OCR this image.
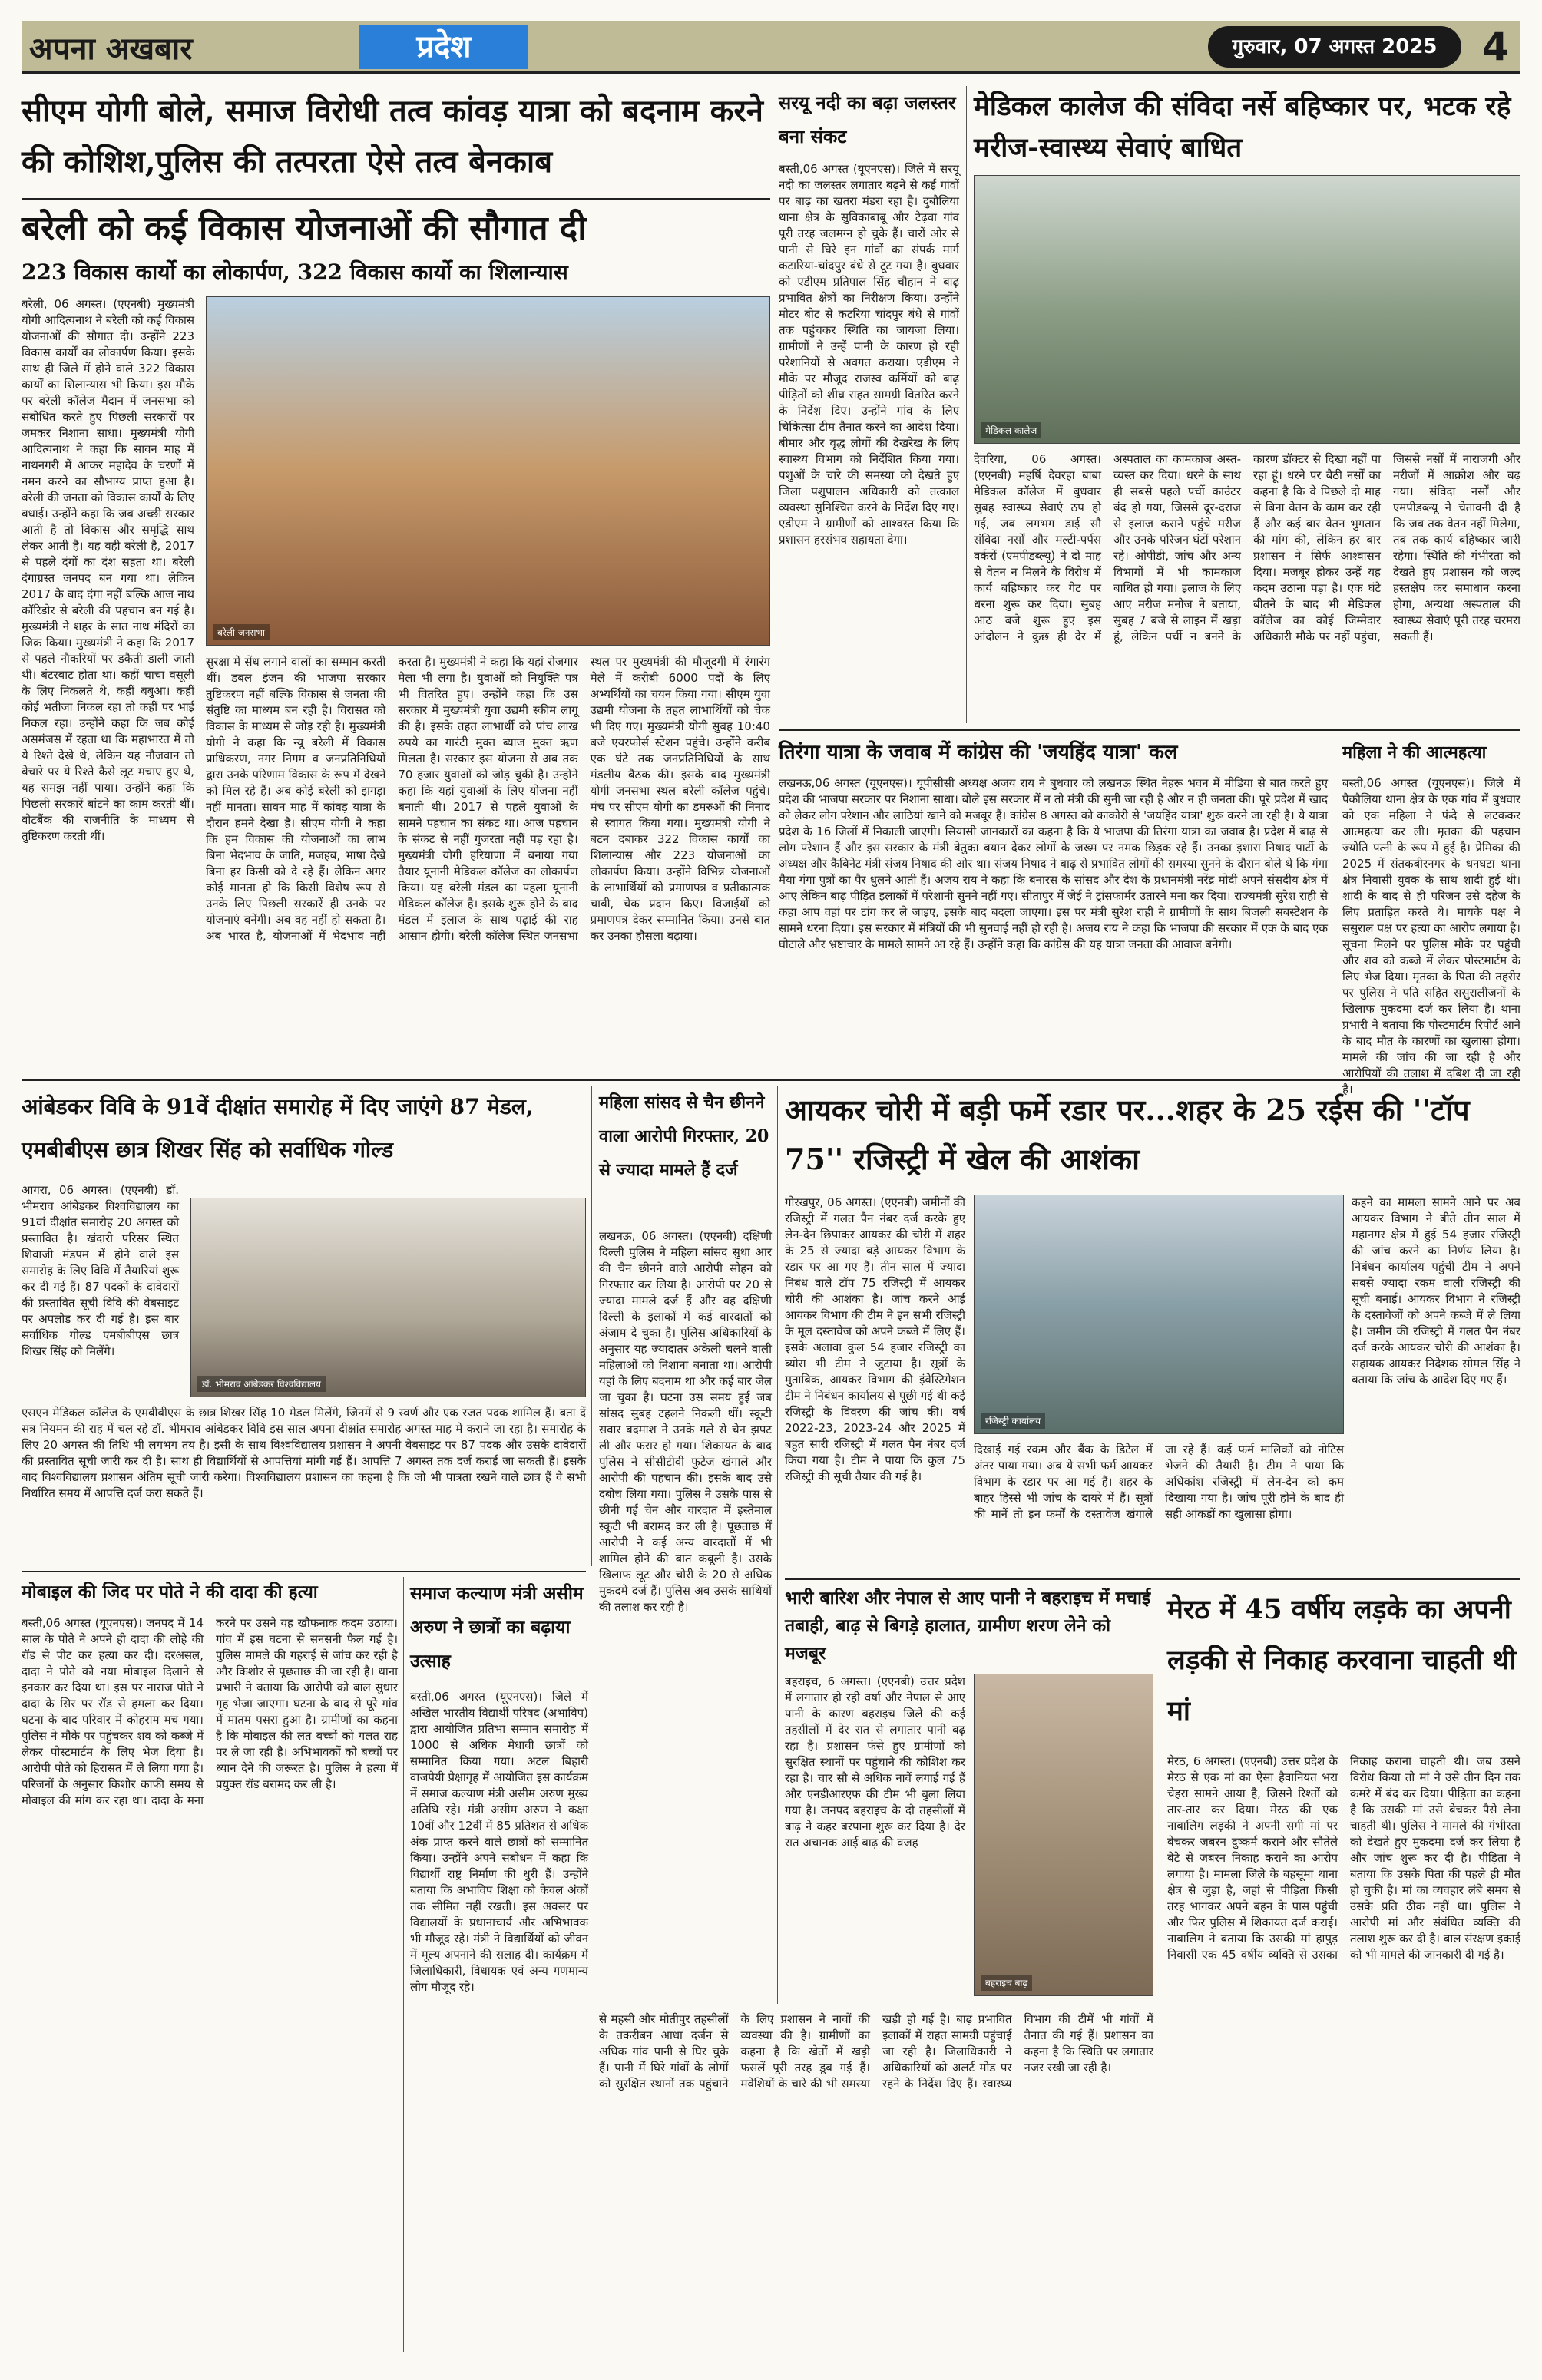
अपना अखबार	प्रदेश	गुरुवार, 07 अगस्त 2025	4
सीएम योगी बोले, समाज विरोधी तत्व कांवड़ यात्रा को बदनाम करने की कोशिश,पुलिस की तत्परता ऐसे तत्व बेनकाब
बरेली को कई विकास योजनाओं की सौगात दी
223 विकास कार्यो का लोकार्पण, 322 विकास कार्यो का शिलान्यास
बरेली, 06 अगस्त। (एएनबी) मुख्यमंत्री योगी आदित्यनाथ ने बरेली को कई विकास योजनाओं की सौगात दी। उन्होंने 223 विकास कार्यों का लोकार्पण किया। इसके साथ ही जिले में होने वाले 322 विकास कार्यों का शिलान्यास भी किया। इस मौके पर बरेली कॉलेज मैदान में जनसभा को संबोधित करते हुए पिछली सरकारों पर जमकर निशाना साधा। मुख्यमंत्री योगी आदित्यनाथ ने कहा कि सावन माह में नाथनगरी में आकर महादेव के चरणों में नमन करने का सौभाग्य प्राप्त हुआ है। बरेली की जनता को विकास कार्यों के लिए बधाई। उन्होंने कहा कि जब अच्छी सरकार आती है तो विकास और समृद्धि साथ लेकर आती है। यह वही बरेली है, 2017 से पहले दंगों का दंश सहता था। बरेली दंगाग्रस्त जनपद बन गया था। लेकिन 2017 के बाद दंगा नहीं बल्कि आज नाथ कॉरिडोर से बरेली की पहचान बन गई है। मुख्यमंत्री ने शहर के सात नाथ मंदिरों का जिक्र किया। मुख्यमंत्री ने कहा कि 2017 से पहले नौकरियों पर डकैती डाली जाती थी। बंटरबाट होता था। कहीं चाचा वसूली के लिए निकलते थे, कहीं बबुआ। कहीं कोई भतीजा निकल रहा तो कहीं पर भाई निकल रहा। उन्होंने कहा कि जब कोई असमंजस में रहता था कि महाभारत में तो ये रिश्ते देखे थे, लेकिन यह नौजवान तो बेचारे पर ये रिश्ते कैसे लूट मचाए हुए थे, यह समझ नहीं पाया। उन्होंने कहा कि पिछली सरकारें बांटने का काम करती थीं। वोटबैंक की राजनीति के माध्यम से तुष्टिकरण करती थीं।
बरेली जनसभा
सुरक्षा में सेंध लगाने वालों का सम्मान करती थीं। डबल इंजन की भाजपा सरकार तुष्टिकरण नहीं बल्कि विकास से जनता की संतुष्टि का माध्यम बन रही है। विरासत को विकास के माध्यम से जोड़ रही है। मुख्यमंत्री योगी ने कहा कि न्यू बरेली में विकास प्राधिकरण, नगर निगम व जनप्रतिनिधियों द्वारा उनके परिणाम विकास के रूप में देखने को मिल रहे हैं। अब कोई बरेली को झगड़ा नहीं मानता। सावन माह में कांवड़ यात्रा के दौरान हमने देखा है। सीएम योगी ने कहा कि हम विकास की योजनाओं का लाभ बिना भेदभाव के जाति, मजहब, भाषा देखे बिना हर किसी को दे रहे हैं। लेकिन अगर कोई मानता हो कि किसी विशेष रूप से उनके लिए पिछली सरकारें ही उनके पर योजनाएं बनेंगी। अब वह नहीं हो सकता है। अब भारत है, योजनाओं में भेदभाव नहीं करता है। मुख्यमंत्री ने कहा कि यहां रोजगार मेला भी लगा है। युवाओं को नियुक्ति पत्र भी वितरित हुए। उन्होंने कहा कि उस सरकार में मुख्यमंत्री युवा उद्यमी स्कीम लागू की है। इसके तहत लाभार्थी को पांच लाख रुपये का गारंटी मुक्त ब्याज मुक्त ऋण मिलता है। सरकार इस योजना से अब तक 70 हजार युवाओं को जोड़ चुकी है। उन्होंने कहा कि यहां युवाओं के लिए योजना नहीं बनाती थी। 2017 से पहले युवाओं के सामने पहचान का संकट था। आज पहचान के संकट से नहीं गुजरता नहीं पड़ रहा है। मुख्यमंत्री योगी हरियाणा में बनाया गया तैयार यूनानी मेडिकल कॉलेज का लोकार्पण किया। यह बरेली मंडल का पहला यूनानी मेडिकल कॉलेज है। इसके शुरू होने के बाद मंडल में इलाज के साथ पढ़ाई की राह आसान होगी। बरेली कॉलेज स्थित जनसभा स्थल पर मुख्यमंत्री की मौजूदगी में रंगारंग मेले में करीबी 6000 पदों के लिए अभ्यर्थियों का चयन किया गया। सीएम युवा उद्यमी योजना के तहत लाभार्थियों को चेक भी दिए गए। मुख्यमंत्री योगी सुबह 10:40 बजे एयरफोर्स स्टेशन पहुंचे। उन्होंने करीब एक घंटे तक जनप्रतिनिधियों के साथ मंडलीय बैठक की। इसके बाद मुख्यमंत्री योगी जनसभा स्थल बरेली कॉलेज पहुंचे। मंच पर सीएम योगी का डमरुओं की निनाद से स्वागत किया गया। मुख्यमंत्री योगी ने बटन दबाकर 322 विकास कार्यों का शिलान्यास और 223 योजनाओं का लोकार्पण किया। उन्होंने विभिन्न योजनाओं के लाभार्थियों को प्रमाणपत्र व प्रतीकात्मक चाबी, चेक प्रदान किए। विजाईयों को प्रमाणपत्र देकर सम्मानित किया। उनसे बात कर उनका हौसला बढ़ाया।
सरयू नदी का बढ़ा जलस्तर बना संकट
बस्ती,06 अगस्त (यूएनएस)। जिले में सरयू नदी का जलस्तर लगातार बढ़ने से कई गांवों पर बाढ़ का खतरा मंडरा रहा है। दुबौलिया थाना क्षेत्र के सुविकाबाबू और टेढ़वा गांव पूरी तरह जलमग्न हो चुके हैं। चारों ओर से पानी से घिरे इन गांवों का संपर्क मार्ग कटारिया-चांदपुर बंधे से टूट गया है। बुधवार को एडीएम प्रतिपाल सिंह चौहान ने बाढ़ प्रभावित क्षेत्रों का निरीक्षण किया। उन्होंने मोटर बोट से कटरिया चांदपुर बंधे से गांवों तक पहुंचकर स्थिति का जायजा लिया। ग्रामीणों ने उन्हें पानी के कारण हो रही परेशानियों से अवगत कराया। एडीएम ने मौके पर मौजूद राजस्व कर्मियों को बाढ़ पीड़ितों को शीघ्र राहत सामग्री वितरित करने के निर्देश दिए। उन्होंने गांव के लिए चिकित्सा टीम तैनात करने का आदेश दिया। बीमार और वृद्ध लोगों की देखरेख के लिए स्वास्थ्य विभाग को निर्देशित किया गया। पशुओं के चारे की समस्या को देखते हुए जिला पशुपालन अधिकारी को तत्काल व्यवस्था सुनिश्चित करने के निर्देश दिए गए। एडीएम ने ग्रामीणों को आश्वस्त किया कि प्रशासन हरसंभव सहायता देगा।
मेडिकल कालेज की संविदा नर्से बहिष्कार पर, भटक रहे मरीज-स्वास्थ्य सेवाएं बाधित
मेडिकल कालेज
देवरिया, 06 अगस्त। (एएनबी) महर्षि देवरहा बाबा मेडिकल कॉलेज में बुधवार सुबह स्वास्थ्य सेवाएं ठप हो गईं, जब लगभग डाई सौ संविदा नर्सों और मल्टी-पर्पस वर्करों (एमपीडब्ल्यू) ने दो माह से वेतन न मिलने के विरोध में कार्य बहिष्कार कर गेट पर धरना शुरू कर दिया। सुबह आठ बजे शुरू हुए इस आंदोलन ने कुछ ही देर में अस्पताल का कामकाज अस्त-व्यस्त कर दिया। धरने के साथ ही सबसे पहले पर्ची काउंटर बंद हो गया, जिससे दूर-दराज से इलाज कराने पहुंचे मरीज और उनके परिजन घंटों परेशान रहे। ओपीडी, जांच और अन्य विभागों में भी कामकाज बाधित हो गया। इलाज के लिए आए मरीज मनोज ने बताया, सुबह 7 बजे से लाइन में खड़ा हूं, लेकिन पर्ची न बनने के कारण डॉक्टर से दिखा नहीं पा रहा हूं। धरने पर बैठी नर्सों का कहना है कि वे पिछले दो माह से बिना वेतन के काम कर रही हैं और कई बार वेतन भुगतान की मांग की, लेकिन हर बार प्रशासन ने सिर्फ आश्वासन दिया। मजबूर होकर उन्हें यह कदम उठाना पड़ा है। एक घंटे बीतने के बाद भी मेडिकल कॉलेज का कोई जिम्मेदार अधिकारी मौके पर नहीं पहुंचा, जिससे नर्सों में नाराजगी और मरीजों में आक्रोश और बढ़ गया। संविदा नर्सों और एमपीडब्ल्यू ने चेतावनी दी है कि जब तक वेतन नहीं मिलेगा, तब तक कार्य बहिष्कार जारी रहेगा। स्थिति की गंभीरता को देखते हुए प्रशासन को जल्द हस्तक्षेप कर समाधान करना होगा, अन्यथा अस्पताल की स्वास्थ्य सेवाएं पूरी तरह चरमरा सकती हैं।
तिरंगा यात्रा के जवाब में कांग्रेस की 'जयहिंद यात्रा' कल
लखनऊ,06 अगस्त (यूएनएस)। यूपीसीसी अध्यक्ष अजय राय ने बुधवार को लखनऊ स्थित नेहरू भवन में मीडिया से बात करते हुए प्रदेश की भाजपा सरकार पर निशाना साधा। बोले इस सरकार में न तो मंत्री की सुनी जा रही है और न ही जनता की। पूरे प्रदेश में खाद को लेकर लोग परेशान और लाठियां खाने को मजबूर हैं। कांग्रेस 8 अगस्त को काकोरी से 'जयहिंद यात्रा' शुरू करने जा रही है। ये यात्रा प्रदेश के 16 जिलों में निकाली जाएगी। सियासी जानकारों का कहना है कि ये भाजपा की तिरंगा यात्रा का जवाब है। प्रदेश में बाढ़ से लोग परेशान हैं और इस सरकार के मंत्री बेतुका बयान देकर लोगों के जख्म पर नमक छिड़क रहे हैं। उनका इशारा निषाद पार्टी के अध्यक्ष और कैबिनेट मंत्री संजय निषाद की ओर था। संजय निषाद ने बाढ़ से प्रभावित लोगों की समस्या सुनने के दौरान बोले थे कि गंगा मैया गंगा पुत्रों का पैर धुलने आती हैं। अजय राय ने कहा कि बनारस के सांसद और देश के प्रधानमंत्री नरेंद्र मोदी अपने संसदीय क्षेत्र में आए लेकिन बाढ़ पीड़ित इलाकों में परेशानी सुनने नहीं गए। सीतापुर में जेई ने ट्रांसफार्मर उतारने मना कर दिया। राज्यमंत्री सुरेश राही से कहा आप वहां पर टांग कर ले जाइए, इसके बाद बदला जाएगा। इस पर मंत्री सुरेश राही ने ग्रामीणों के साथ बिजली सबस्टेशन के सामने धरना दिया। इस सरकार में मंत्रियों की भी सुनवाई नहीं हो रही है। अजय राय ने कहा कि भाजपा की सरकार में एक के बाद एक घोटाले और भ्रष्टाचार के मामले सामने आ रहे हैं। उन्होंने कहा कि कांग्रेस की यह यात्रा जनता की आवाज बनेगी।
महिला ने की आत्महत्या
बस्ती,06 अगस्त (यूएनएस)। जिले में पैकौलिया थाना क्षेत्र के एक गांव में बुधवार को एक महिला ने फंदे से लटककर आत्महत्या कर ली। मृतका की पहचान ज्योति पत्नी के रूप में हुई है। प्रेमिका की 2025 में संतकबीरनगर के धनघटा थाना क्षेत्र निवासी युवक के साथ शादी हुई थी। शादी के बाद से ही परिजन उसे दहेज के लिए प्रताड़ित करते थे। मायके पक्ष ने ससुराल पक्ष पर हत्या का आरोप लगाया है। सूचना मिलने पर पुलिस मौके पर पहुंची और शव को कब्जे में लेकर पोस्टमार्टम के लिए भेज दिया। मृतका के पिता की तहरीर पर पुलिस ने पति सहित ससुरालीजनों के खिलाफ मुकदमा दर्ज कर लिया है। थाना प्रभारी ने बताया कि पोस्टमार्टम रिपोर्ट आने के बाद मौत के कारणों का खुलासा होगा। मामले की जांच की जा रही है और आरोपियों की तलाश में दबिश दी जा रही है।
आंबेडकर विवि के 91वें दीक्षांत समारोह में दिए जाएंगे 87 मेडल, एमबीबीएस छात्र शिखर सिंह को सर्वाधिक गोल्ड
आगरा, 06 अगस्त। (एएनबी) डॉ. भीमराव आंबेडकर विश्वविद्यालय का 91वां दीक्षांत समारोह 20 अगस्त को प्रस्तावित है। खंदारी परिसर स्थित शिवाजी मंडपम में होने वाले इस समारोह के लिए विवि में तैयारियां शुरू कर दी गई हैं। 87 पदकों के दावेदारों की प्रस्तावित सूची विवि की वेबसाइट पर अपलोड कर दी गई है। इस बार सर्वाधिक गोल्ड एमबीबीएस छात्र शिखर सिंह को मिलेंगे।
डॉ. भीमराव आंबेडकर विश्वविद्यालय
एसएन मेडिकल कॉलेज के एमबीबीएस के छात्र शिखर सिंह 10 मेडल मिलेंगे, जिनमें से 9 स्वर्ण और एक रजत पदक शामिल हैं। बता दें सत्र नियमन की राह में चल रहे डॉ. भीमराव आंबेडकर विवि इस साल अपना दीक्षांत समारोह अगस्त माह में कराने जा रहा है। समारोह के लिए 20 अगस्त की तिथि भी लगभग तय है। इसी के साथ विश्वविद्यालय प्रशासन ने अपनी वेबसाइट पर 87 पदक और उसके दावेदारों की प्रस्तावित सूची जारी कर दी है। साथ ही विद्यार्थियों से आपत्तियां मांगी गई हैं। आपत्ति 7 अगस्त तक दर्ज कराई जा सकती हैं। इसके बाद विश्वविद्यालय प्रशासन अंतिम सूची जारी करेगा। विश्वविद्यालय प्रशासन का कहना है कि जो भी पात्रता रखने वाले छात्र हैं वे सभी निर्धारित समय में आपत्ति दर्ज करा सकते हैं।
महिला सांसद से चैन छीनने वाला आरोपी गिरफ्तार, 20 से ज्यादा मामले हैं दर्ज
लखनऊ, 06 अगस्त। (एएनबी) दक्षिणी दिल्ली पुलिस ने महिला सांसद सुधा आर की चैन छीनने वाले आरोपी सोहन को गिरफ्तार कर लिया है। आरोपी पर 20 से ज्यादा मामले दर्ज हैं और वह दक्षिणी दिल्ली के इलाकों में कई वारदातों को अंजाम दे चुका है। पुलिस अधिकारियों के अनुसार यह ज्यादातर अकेली चलने वाली महिलाओं को निशाना बनाता था। आरोपी यहां के लिए बदनाम था और कई बार जेल जा चुका है। घटना उस समय हुई जब सांसद सुबह टहलने निकली थीं। स्कूटी सवार बदमाश ने उनके गले से चेन झपट ली और फरार हो गया। शिकायत के बाद पुलिस ने सीसीटीवी फुटेज खंगाले और आरोपी की पहचान की। इसके बाद उसे दबोच लिया गया। पुलिस ने उसके पास से छीनी गई चेन और वारदात में इस्तेमाल स्कूटी भी बरामद कर ली है। पूछताछ में आरोपी ने कई अन्य वारदातों में भी शामिल होने की बात कबूली है। उसके खिलाफ लूट और चोरी के 20 से अधिक मुकदमे दर्ज हैं। पुलिस अब उसके साथियों की तलाश कर रही है।
आयकर चोरी में बड़ी फर्मे रडार पर...शहर के 25 रईस की ''टॉप 75'' रजिस्ट्री में खेल की आशंका
गोरखपुर, 06 अगस्त। (एएनबी) जमीनों की रजिस्ट्री में गलत पैन नंबर दर्ज करके हुए लेन-देन छिपाकर आयकर की चोरी में शहर के 25 से ज्यादा बड़े आयकर विभाग के रडार पर आ गए हैं। तीन साल में ज्यादा निबंध वाले टॉप 75 रजिस्ट्री में आयकर चोरी की आशंका है। जांच करने आई आयकर विभाग की टीम ने इन सभी रजिस्ट्री के मूल दस्तावेज को अपने कब्जे में लिए हैं। इसके अलावा कुल 54 हजार रजिस्ट्री का ब्योरा भी टीम ने जुटाया है। सूत्रों के मुताबिक, आयकर विभाग की इंवेस्टिगेशन टीम ने निबंधन कार्यालय से पूछी गई थी कई रजिस्ट्री के विवरण की जांच की। वर्ष 2022-23, 2023-24 और 2025 में बहुत सारी रजिस्ट्री में गलत पैन नंबर दर्ज किया गया है। टीम ने पाया कि कुल 75 रजिस्ट्री की सूची तैयार की गई है।
रजिस्ट्री कार्यालय
दिखाई गई रकम और बैंक के डिटेल में अंतर पाया गया। अब ये सभी फर्म आयकर विभाग के रडार पर आ गई हैं। शहर के बाहर हिस्से भी जांच के दायरे में हैं। सूत्रों की मानें तो इन फर्मों के दस्तावेज खंगाले जा रहे हैं। कई फर्म मालिकों को नोटिस भेजने की तैयारी है। टीम ने पाया कि अधिकांश रजिस्ट्री में लेन-देन को कम दिखाया गया है। जांच पूरी होने के बाद ही सही आंकड़ों का खुलासा होगा।
कहने का मामला सामने आने पर अब आयकर विभाग ने बीते तीन साल में महानगर क्षेत्र में हुई 54 हजार रजिस्ट्री की जांच करने का निर्णय लिया है। निबंधन कार्यालय पहुंची टीम ने अपने सबसे ज्यादा रकम वाली रजिस्ट्री की सूची बनाई। आयकर विभाग ने रजिस्ट्री के दस्तावेजों को अपने कब्जे में ले लिया है। जमीन की रजिस्ट्री में गलत पैन नंबर दर्ज करके आयकर चोरी की आशंका है। सहायक आयकर निदेशक सोमल सिंह ने बताया कि जांच के आदेश दिए गए हैं।
मोबाइल की जिद पर पोते ने की दादा की हत्या
बस्ती,06 अगस्त (यूएनएस)। जनपद में 14 साल के पोते ने अपने ही दादा की लोहे की रॉड से पीट कर हत्या कर दी। दरअसल, दादा ने पोते को नया मोबाइल दिलाने से इनकार कर दिया था। इस पर नाराज पोते ने दादा के सिर पर रॉड से हमला कर दिया। घटना के बाद परिवार में कोहराम मच गया। पुलिस ने मौके पर पहुंचकर शव को कब्जे में लेकर पोस्टमार्टम के लिए भेज दिया है। आरोपी पोते को हिरासत में ले लिया गया है। परिजनों के अनुसार किशोर काफी समय से मोबाइल की मांग कर रहा था। दादा के मना करने पर उसने यह खौफनाक कदम उठाया। गांव में इस घटना से सनसनी फैल गई है। पुलिस मामले की गहराई से जांच कर रही है और किशोर से पूछताछ की जा रही है। थाना प्रभारी ने बताया कि आरोपी को बाल सुधार गृह भेजा जाएगा। घटना के बाद से पूरे गांव में मातम पसरा हुआ है। ग्रामीणों का कहना है कि मोबाइल की लत बच्चों को गलत राह पर ले जा रही है। अभिभावकों को बच्चों पर ध्यान देने की जरूरत है। पुलिस ने हत्या में प्रयुक्त रॉड बरामद कर ली है।
समाज कल्याण मंत्री असीम अरुण ने छात्रों का बढ़ाया उत्साह
बस्ती,06 अगस्त (यूएनएस)। जिले में अखिल भारतीय विद्यार्थी परिषद (अभाविप) द्वारा आयोजित प्रतिभा सम्मान समारोह में 1000 से अधिक मेधावी छात्रों को सम्मानित किया गया। अटल बिहारी वाजपेयी प्रेक्षागृह में आयोजित इस कार्यक्रम में समाज कल्याण मंत्री असीम अरुण मुख्य अतिथि रहे। मंत्री असीम अरुण ने कक्षा 10वीं और 12वीं में 85 प्रतिशत से अधिक अंक प्राप्त करने वाले छात्रों को सम्मानित किया। उन्होंने अपने संबोधन में कहा कि विद्यार्थी राष्ट्र निर्माण की धुरी हैं। उन्होंने बताया कि अभाविप शिक्षा को केवल अंकों तक सीमित नहीं रखती। इस अवसर पर विद्यालयों के प्रधानाचार्य और अभिभावक भी मौजूद रहे। मंत्री ने विद्यार्थियों को जीवन में मूल्य अपनाने की सलाह दी। कार्यक्रम में जिलाधिकारी, विधायक एवं अन्य गणमान्य लोग मौजूद रहे।
भारी बारिश और नेपाल से आए पानी ने बहराइच में मचाई तबाही, बाढ़ से बिगड़े हालात, ग्रामीण शरण लेने को मजबूर
बहराइच, 6 अगस्त। (एएनबी) उत्तर प्रदेश में लगातार हो रही वर्षा और नेपाल से आए पानी के कारण बहराइच जिले की कई तहसीलों में देर रात से लगातार पानी बढ़ रहा है। प्रशासन फंसे हुए ग्रामीणों को सुरक्षित स्थानों पर पहुंचाने की कोशिश कर रहा है। चार सौ से अधिक नावें लगाई गई हैं और एनडीआरएफ की टीम भी बुला लिया गया है। जनपद बहराइच के दो तहसीलों में बाढ़ ने कहर बरपाना शुरू कर दिया है। देर रात अचानक आई बाढ़ की वजह
बहराइच बाढ़
से महसी और मोतीपुर तहसीलों के तकरीबन आधा दर्जन से अधिक गांव पानी से घिर चुके हैं। पानी में घिरे गांवों के लोगों को सुरक्षित स्थानों तक पहुंचाने के लिए प्रशासन ने नावों की व्यवस्था की है। ग्रामीणों का कहना है कि खेतों में खड़ी फसलें पूरी तरह डूब गई हैं। मवेशियों के चारे की भी समस्या खड़ी हो गई है। बाढ़ प्रभावित इलाकों में राहत सामग्री पहुंचाई जा रही है। जिलाधिकारी ने अधिकारियों को अलर्ट मोड पर रहने के निर्देश दिए हैं। स्वास्थ्य विभाग की टीमें भी गांवों में तैनात की गई हैं। प्रशासन का कहना है कि स्थिति पर लगातार नजर रखी जा रही है।
मेरठ में 45 वर्षीय लड़के का अपनी लड़की से निकाह करवाना चाहती थी मां
मेरठ, 6 अगस्त। (एएनबी) उत्तर प्रदेश के मेरठ से एक मां का ऐसा हैवानियत भरा चेहरा सामने आया है, जिसने रिश्तों को तार-तार कर दिया। मेरठ की एक नाबालिग लड़की ने अपनी सगी मां पर बेचकर जबरन दुष्कर्म कराने और सौतेले बेटे से जबरन निकाह कराने का आरोप लगाया है। मामला जिले के बहसूमा थाना क्षेत्र से जुड़ा है, जहां से पीड़िता किसी तरह भागकर अपने बहन के पास पहुंची और फिर पुलिस में शिकायत दर्ज कराई। नाबालिग ने बताया कि उसकी मां हापुड़ निवासी एक 45 वर्षीय व्यक्ति से उसका निकाह कराना चाहती थी। जब उसने विरोध किया तो मां ने उसे तीन दिन तक कमरे में बंद कर दिया। पीड़िता का कहना है कि उसकी मां उसे बेचकर पैसे लेना चाहती थी। पुलिस ने मामले की गंभीरता को देखते हुए मुकदमा दर्ज कर लिया है और जांच शुरू कर दी है। पीड़िता ने बताया कि उसके पिता की पहले ही मौत हो चुकी है। मां का व्यवहार लंबे समय से उसके प्रति ठीक नहीं था। पुलिस ने आरोपी मां और संबंधित व्यक्ति की तलाश शुरू कर दी है। बाल संरक्षण इकाई को भी मामले की जानकारी दी गई है।
